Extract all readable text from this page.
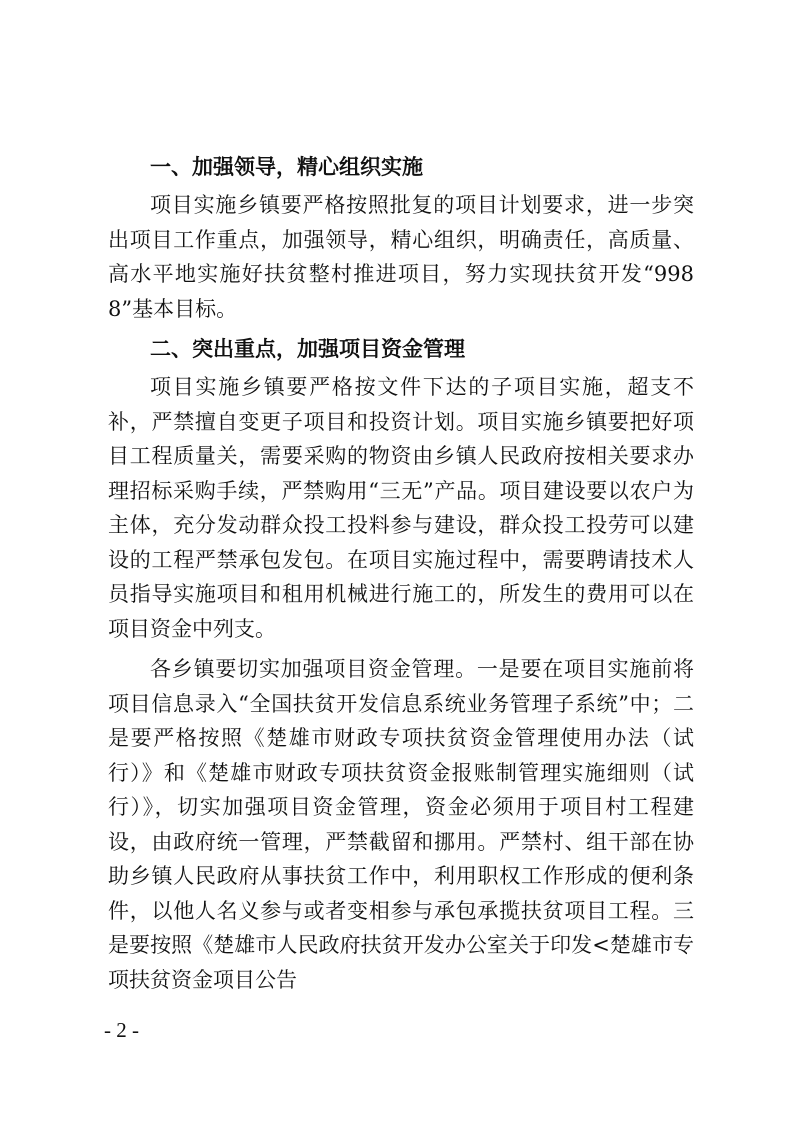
一、加强领导，精心组织实施

项目实施乡镇要严格按照批复的项目计划要求，进一步突出项目工作重点，加强领导，精心组织，明确责任，高质量、高水平地实施好扶贫整村推进项目，努力实现扶贫开发“9988”基本目标。

二、突出重点，加强项目资金管理

项目实施乡镇要严格按文件下达的子项目实施，超支不补，严禁擅自变更子项目和投资计划。项目实施乡镇要把好项目工程质量关，需要采购的物资由乡镇人民政府按相关要求办理招标采购手续，严禁购用“三无”产品。项目建设要以农户为主体，充分发动群众投工投料参与建设，群众投工投劳可以建设的工程严禁承包发包。在项目实施过程中，需要聘请技术人员指导实施项目和租用机械进行施工的，所发生的费用可以在项目资金中列支。

各乡镇要切实加强项目资金管理。一是要在项目实施前将项目信息录入“全国扶贫开发信息系统业务管理子系统”中；二是要严格按照《楚雄市财政专项扶贫资金管理使用办法（试行）》和《楚雄市财政专项扶贫资金报账制管理实施细则（试行）》，切实加强项目资金管理，资金必须用于项目村工程建设，由政府统一管理，严禁截留和挪用。严禁村、组干部在协助乡镇人民政府从事扶贫工作中，利用职权工作形成的便利条件，以他人名义参与或者变相参与承包承揽扶贫项目工程。三是要按照《楚雄市人民政府扶贫开发办公室关于印发<楚雄市专项扶贫资金项目公告

- 2 -
